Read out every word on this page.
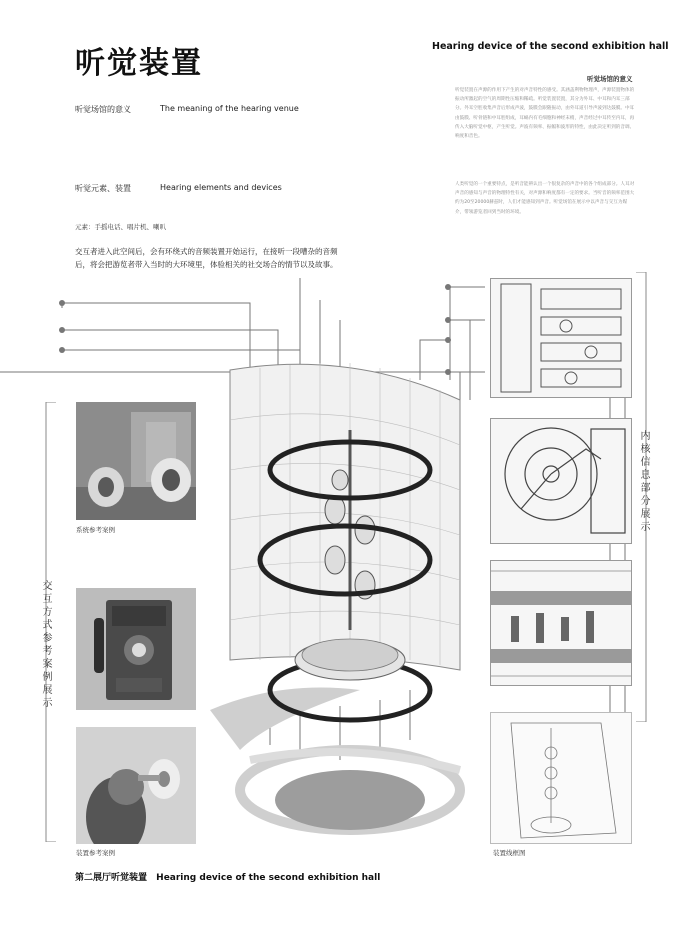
听觉装置	Hearing device of the second exhibition hall
听觉场馆的意义	The meaning of the hearing venue
听觉元素、装置	Hearing elements and devices
元素：手摇电话、唱片机、喇叭
交互者进入此空间后，会有环绕式的音频装置开始运行，在接听一段嘈杂的音频后，将会把游览者带入当时的大环境里，体验相关的社交场合的情节以及故事。
听觉场馆的意义
听觉装置在声源的作用下产生的对声音特性的感受。其涵盖利物物理声，声源装置物体的振动所激起的空气的周期性压缩和稀疏。听觉装置装置，其分为外耳、中耳和内耳三部分。外耳空腔收集声音后形成声波，鼓膜会跟随振动，由外耳道引导声波到达鼓膜。中耳由鼓膜、听骨链和中耳腔组成，耳蜗内有毛细胞和神经末梢，声音经过中耳传至内耳，再传入大脑听觉中枢，产生听觉。声波有频率、振幅和波形的特性，由此决定听到的音调、响度和音色。
人类听觉的一个重要特点，是听音能辨认出一个很复杂的声音中的各个组成部分。人耳对声音的感知与声音的物理特性有关，对声源和响度都有一定的要求。当听音的频率范围大约为20至20000赫兹时，人们才能感知到声音。听觉场馆在展示中以声音与交互为媒介，带领游览者回到当时的环境。
交互方式参考案例展示
内核信息部分展示
系统参考案例
装置参考案例	装置线框图
第二展厅听觉装置 Hearing device of the second exhibition hall
